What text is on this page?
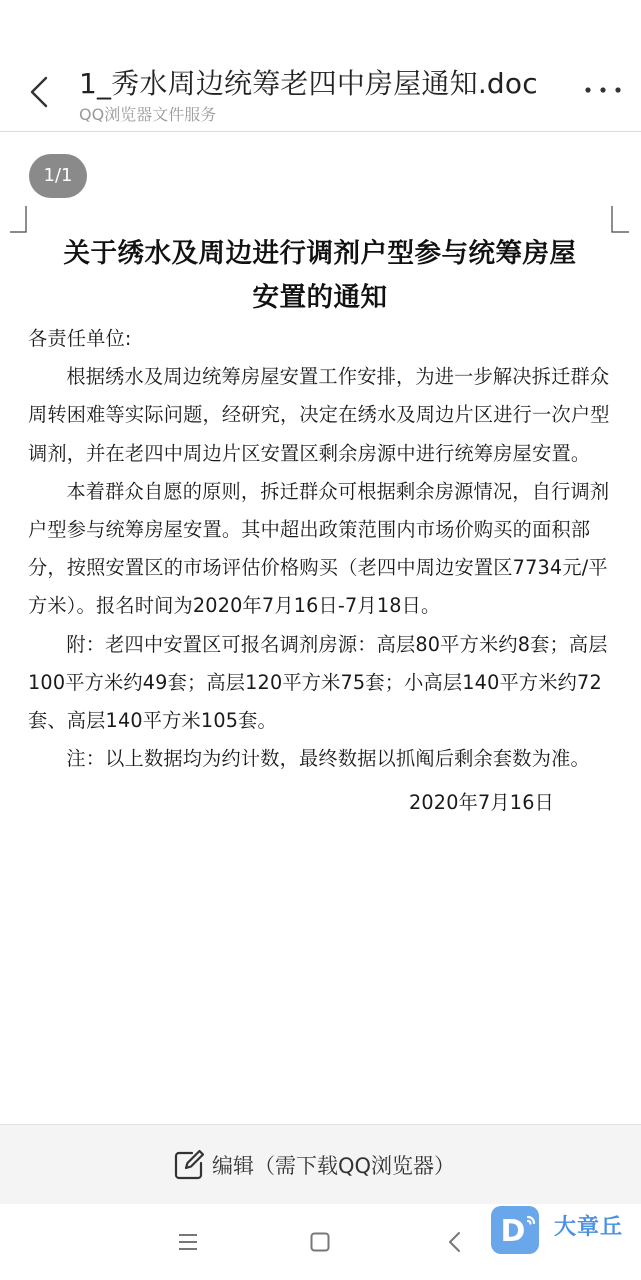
1_秀水周边统筹老四中房屋通知.doc
QQ浏览器文件服务
1/1

关于绣水及周边进行调剂户型参与统筹房屋

安置的通知

各责任单位:

根据绣水及周边统筹房屋安置工作安排，为进一步解决拆迁群众周转困难等实际问题，经研究，决定在绣水及周边片区进行一次户型调剂，并在老四中周边片区安置区剩余房源中进行统筹房屋安置。

本着群众自愿的原则，拆迁群众可根据剩余房源情况，自行调剂户型参与统筹房屋安置。其中超出政策范围内市场价购买的面积部分，按照安置区的市场评估价格购买（老四中周边安置区7734元/平方米）。报名时间为2020年7月16日-7月18日。

附：老四中安置区可报名调剂房源：高层80平方米约8套；高层100平方米约49套；高层120平方米75套；小高层140平方米约72套、高层140平方米105套。

注：以上数据均为约计数，最终数据以抓阄后剩余套数为准。

2020年7月16日

编辑（需下载QQ浏览器）
D 大章丘
